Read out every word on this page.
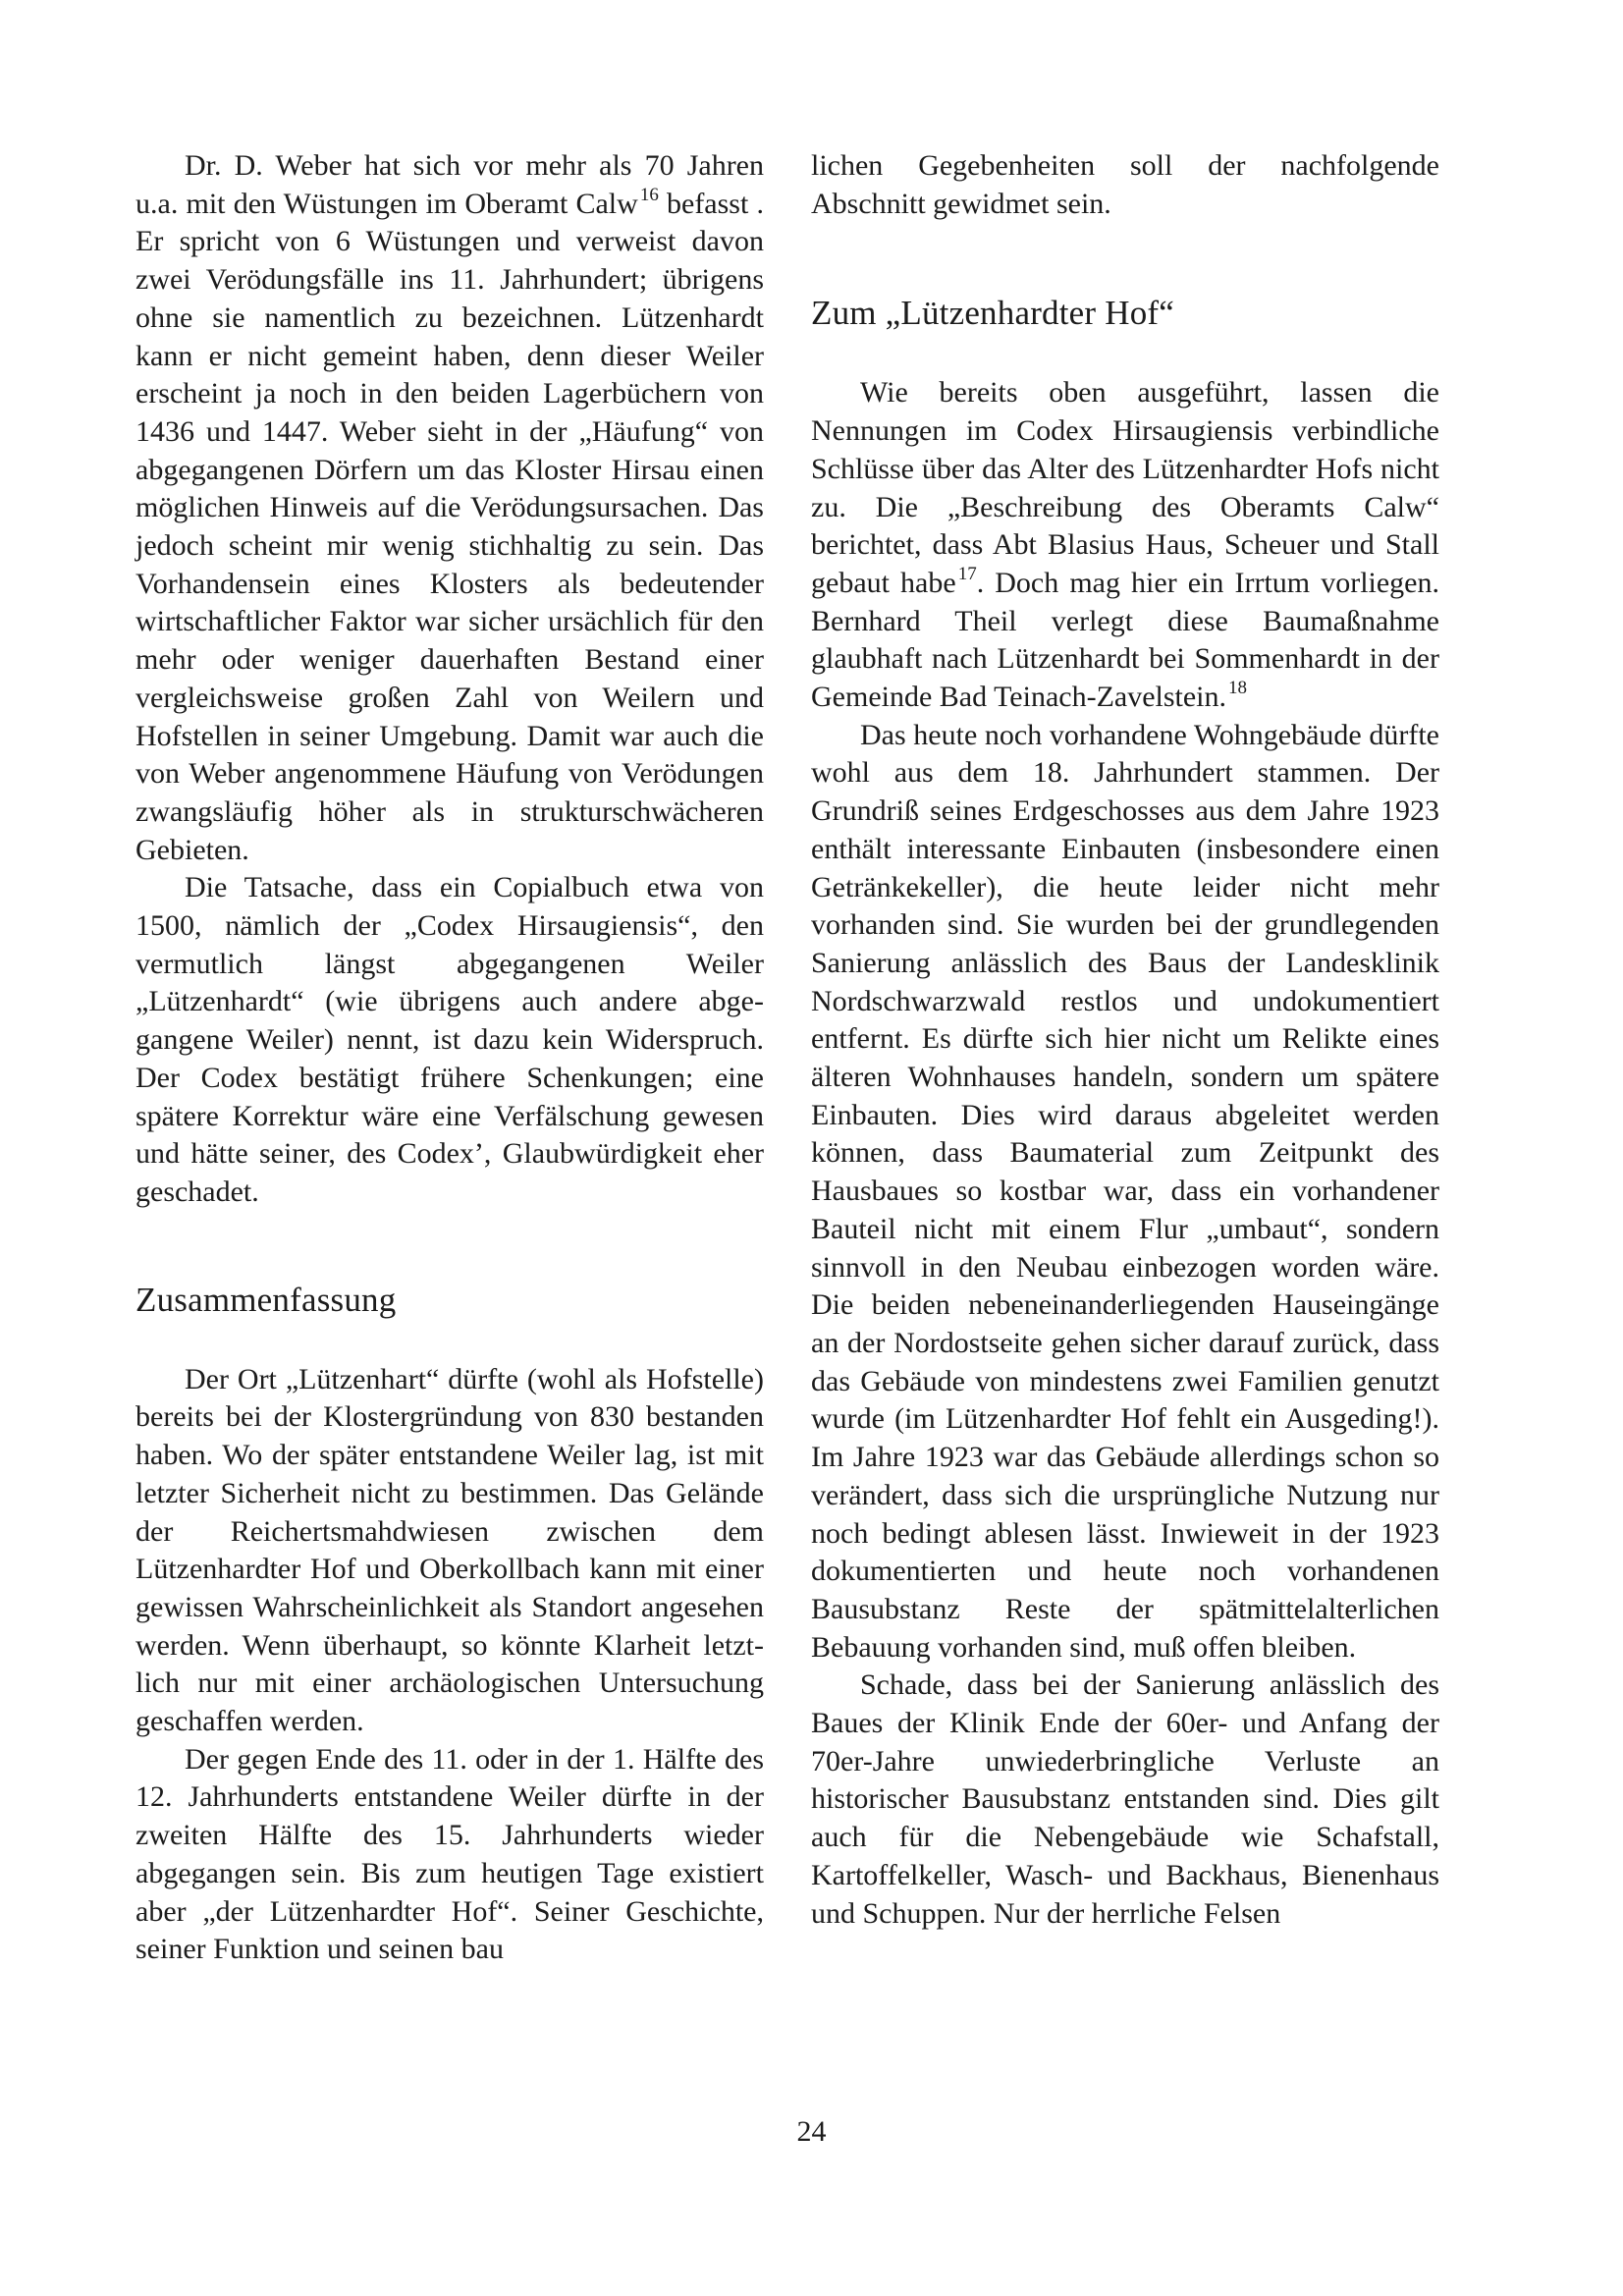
Dr. D. Weber hat sich vor mehr als 70 Jahren u.a. mit den Wüstungen im Oberamt Calw $^{16}$ befasst . Er spricht von 6 Wüstungen und verweist davon zwei Verödungsfälle ins 11. Jahrhundert; übrigens ohne sie namentlich zu bezeichnen. Lützenhardt kann er nicht gemeint haben, denn dieser Weiler erscheint ja noch in den beiden Lagerbüchern von 1436 und 1447. Weber sieht in der „Häufung“ von abgegangenen Dörfern um das Kloster Hirsau einen möglichen Hinweis auf die Verödungsursachen. Das jedoch scheint mir wenig stichhaltig zu sein. Das Vorhandensein eines Klosters als bedeutender wirtschaftlicher Faktor war sicher ursächlich für den mehr oder weniger dauerhaften Bestand einer vergleichsweise großen Zahl von Weilern und Hofstellen in seiner Umgebung. Damit war auch die von Weber angenommene Häufung von Verödungen zwangsläufig höher als in strukturschwächeren Gebieten.

Die Tatsache, dass ein Copialbuch etwa von 1500, nämlich der „Codex Hirsaugiensis“, den vermutlich längst abgegangenen Weiler „Lützenhardt“ (wie übrigens auch andere abgegangene Weiler) nennt, ist dazu kein Widerspruch. Der Codex bestätigt frühere Schenkungen; eine spätere Korrektur wäre eine Verfälschung gewesen und hätte seiner, des Codex’, Glaubwürdigkeit eher geschadet.

Zusammenfassung

Der Ort „Lützenhart“ dürfte (wohl als Hofstelle) bereits bei der Klostergründung von 830 bestanden haben. Wo der später entstandene Weiler lag, ist mit letzter Sicherheit nicht zu bestimmen. Das Gelände der Reichertsmahdwiesen zwischen dem Lützenhardter Hof und Oberkollbach kann mit einer gewissen Wahrscheinlichkeit als Standort angesehen werden. Wenn überhaupt, so könnte Klarheit letztlich nur mit einer archäologischen Untersuchung geschaffen werden.

Der gegen Ende des 11. oder in der 1. Hälfte des 12. Jahrhunderts entstandene Weiler dürfte in der zweiten Hälfte des 15. Jahrhunderts wieder abgegangen sein. Bis zum heutigen Tage existiert aber „der Lützenhardter Hof“. Seiner Geschichte, seiner Funktion und seinen bau

lichen Gegebenheiten soll der nachfolgende Abschnitt gewidmet sein.

Zum „Lützenhardter Hof“

Wie bereits oben ausgeführt, lassen die Nennungen im Codex Hirsaugiensis verbindliche Schlüsse über das Alter des Lützenhardter Hofs nicht zu. Die „Beschreibung des Oberamts Calw“ berichtet, dass Abt Blasius Haus, Scheuer und Stall gebaut habe $^{17}$. Doch mag hier ein Irrtum vorliegen. Bernhard Theil verlegt diese Baumaßnahme glaubhaft nach Lützenhardt bei Sommenhardt in der Gemeinde Bad Teinach-Zavelstein. $^{18}$

Das heute noch vorhandene Wohngebäude dürfte wohl aus dem 18. Jahrhundert stammen. Der Grundriß seines Erdgeschosses aus dem Jahre 1923 enthält interessante Einbauten (insbesondere einen Getränkekeller), die heute leider nicht mehr vorhanden sind. Sie wurden bei der grundlegenden Sanierung anlässlich des Baus der Landesklinik Nordschwarzwald restlos und undokumentiert entfernt. Es dürfte sich hier nicht um Relikte eines älteren Wohnhauses handeln, sondern um spätere Einbauten. Dies wird daraus abgeleitet werden können, dass Baumaterial zum Zeitpunkt des Hausbaues so kostbar war, dass ein vorhandener Bauteil nicht mit einem Flur „umbaut“, sondern sinnvoll in den Neubau einbezogen worden wäre. Die beiden nebeneinanderliegenden Hauseingänge an der Nordostseite gehen sicher darauf zurück, dass das Gebäude von mindestens zwei Familien genutzt wurde (im Lützenhardter Hof fehlt ein Ausgeding!). Im Jahre 1923 war das Gebäude allerdings schon so verändert, dass sich die ursprüngliche Nutzung nur noch bedingt ablesen lässt. Inwieweit in der 1923 dokumentierten und heute noch vorhandenen Bausubstanz Reste der spätmittelalterlichen Bebauung vorhanden sind, muß offen bleiben.

Schade, dass bei der Sanierung anlässlich des Baues der Klinik Ende der 60er- und Anfang der 70er-Jahre unwiederbringliche Verluste an historischer Bausubstanz entstanden sind. Dies gilt auch für die Nebengebäude wie Schafstall, Kartoffelkeller, Wasch- und Backhaus, Bienenhaus und Schuppen. Nur der herrliche Felsen

24
